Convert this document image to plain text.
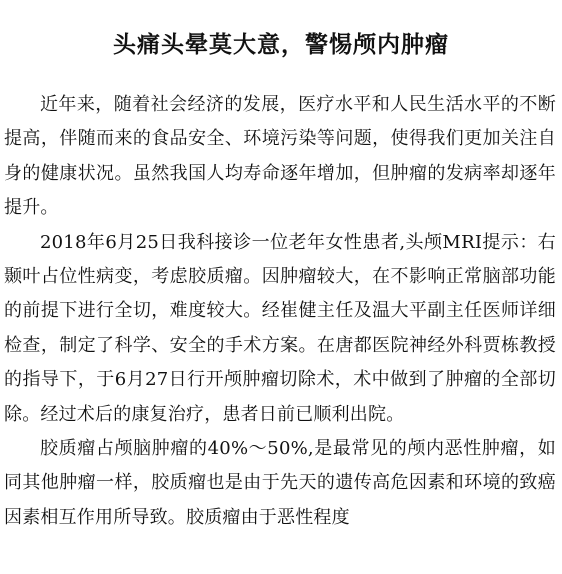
头痛头晕莫大意，警惕颅内肿瘤

近年来，随着社会经济的发展，医疗水平和人民生活水平的不断提高，伴随而来的食品安全、环境污染等问题，使得我们更加关注自身的健康状况。虽然我国人均寿命逐年增加，但肿瘤的发病率却逐年提升。

2018年6月25日我科接诊一位老年女性患者,头颅MRI提示：右颞叶占位性病变，考虑胶质瘤。因肿瘤较大，在不影响正常脑部功能的前提下进行全切，难度较大。经崔健主任及温大平副主任医师详细检查，制定了科学、安全的手术方案。在唐都医院神经外科贾栋教授的指导下，于6月27日行开颅肿瘤切除术，术中做到了肿瘤的全部切除。经过术后的康复治疗，患者日前已顺利出院。

胶质瘤占颅脑肿瘤的40%～50%,是最常见的颅内恶性肿瘤，如同其他肿瘤一样，胶质瘤也是由于先天的遗传高危因素和环境的致癌因素相互作用所导致。胶质瘤由于恶性程度
